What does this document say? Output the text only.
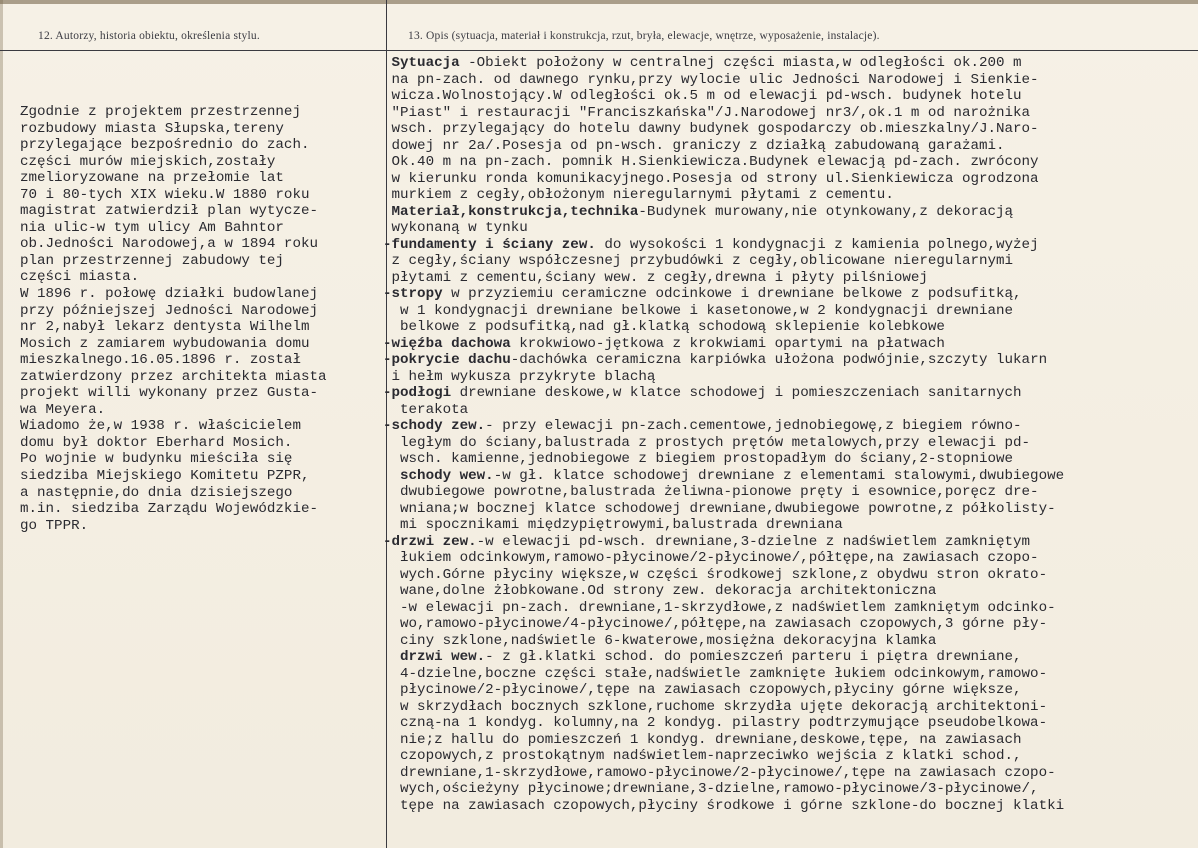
12. Autorzy, historia obiektu, określenia stylu.	13. Opis (sytuacja, materiał i konstrukcja, rzut, bryła, elewacje, wnętrze, wyposażenie, instalacje).
Zgodnie z projektem przestrzennej
rozbudowy miasta Słupska,tereny
przylegające bezpośrednio do zach.
części murów miejskich,zostały
zmelioryzowane na przełomie lat
70 i 80-tych XIX wieku.W 1880 roku
magistrat zatwierdził plan wytycze-
nia ulic-w tym ulicy Am Bahntor
ob.Jedności Narodowej,a w 1894 roku
plan przestrzennej zabudowy tej
części miasta.
W 1896 r. połowę działki budowlanej
przy późniejszej Jedności Narodowej
nr 2,nabył lekarz dentysta Wilhelm
Mosich z zamiarem wybudowania domu
mieszkalnego.16.05.1896 r. został
zatwierdzony przez architekta miasta
projekt willi wykonany przez Gusta-
wa Meyera.
Wiadomo że,w 1938 r. właścicielem
domu był doktor Eberhard Mosich.
Po wojnie w budynku mieściła się
siedziba Miejskiego Komitetu PZPR,
a następnie,do dnia dzisiejszego
m.in. siedziba Zarządu Wojewódzkie-
go TPPR.
Sytuacja -Obiekt położony w centralnej części miasta,w odległości ok.200 m
na pn-zach. od dawnego rynku,przy wylocie ulic Jedności Narodowej i Sienkie-
wicza.Wolnostojący.W odległości ok.5 m od elewacji pd-wsch. budynek hotelu
"Piast" i restauracji "Franciszkańska"/J.Narodowej nr3/,ok.1 m od narożnika
wsch. przylegający do hotelu dawny budynek gospodarczy ob.mieszkalny/J.Naro-
dowej nr 2a/.Posesja od pn-wsch. graniczy z działką zabudowaną garażami.
Ok.40 m na pn-zach. pomnik H.Sienkiewicza.Budynek elewacją pd-zach. zwrócony
w kierunku ronda komunikacyjnego.Posesja od strony ul.Sienkiewicza ogrodzona
murkiem z cegły,obłożonym nieregularnymi płytami z cementu.
Materiał,konstrukcja,technika-Budynek murowany,nie otynkowany,z dekoracją
wykonaną w tynku
-fundamenty i ściany zew. do wysokości 1 kondygnacji z kamienia polnego,wyżej
z cegły,ściany współczesnej przybudówki z cegły,oblicowane nieregularnymi
płytami z cementu,ściany wew. z cegły,drewna i płyty pilśniowej
-stropy w przyziemiu ceramiczne odcinkowe i drewniane belkowe z podsufitką,
w 1 kondygnacji drewniane belkowe i kasetonowe,w 2 kondygnacji drewniane
belkowe z podsufitką,nad gł.klatką schodową sklepienie kolebkowe
-więźba dachowa krokwiowo-jętkowa z krokwiami opartymi na płatwach
-pokrycie dachu-dachówka ceramiczna karpiówka ułożona podwójnie,szczyty lukarn
i hełm wykusza przykryte blachą
-podłogi drewniane deskowe,w klatce schodowej i pomieszczeniach sanitarnych
terakota
-schody zew.- przy elewacji pn-zach.cementowe,jednobiegowę,z biegiem równo-
ległym do ściany,balustrada z prostych prętów metalowych,przy elewacji pd-
wsch. kamienne,jednobiegowe z biegiem prostopadłym do ściany,2-stopniowe
schody wew.-w gł. klatce schodowej drewniane z elementami stalowymi,dwubiegowe
dwubiegowe powrotne,balustrada żeliwna-pionowe pręty i esownice,poręcz dre-
wniana;w bocznej klatce schodowej drewniane,dwubiegowe powrotne,z półkolisty-
mi spocznikami międzypiętrowymi,balustrada drewniana
-drzwi zew.-w elewacji pd-wsch. drewniane,3-dzielne z nadświetlem zamkniętym
łukiem odcinkowym,ramowo-płycinowe/2-płycinowe/,półtępe,na zawiasach czopo-
wych.Górne płyciny większe,w części środkowej szklone,z obydwu stron okrato-
wane,dolne żłobkowane.Od strony zew. dekoracja architektoniczna
-w elewacji pn-zach. drewniane,1-skrzydłowe,z nadświetlem zamkniętym odcinko-
wo,ramowo-płycinowe/4-płycinowe/,półtępe,na zawiasach czopowych,3 górne pły-
ciny szklone,nadświetle 6-kwaterowe,mosiężna dekoracyjna klamka
drzwi wew.- z gł.klatki schod. do pomieszczeń parteru i piętra drewniane,
4-dzielne,boczne części stałe,nadświetle zamknięte łukiem odcinkowym,ramowo-
płycinowe/2-płycinowe/,tępe na zawiasach czopowych,płyciny górne większe,
w skrzydłach bocznych szklone,ruchome skrzydła ujęte dekoracją architektoni-
czną-na 1 kondyg. kolumny,na 2 kondyg. pilastry podtrzymujące pseudobelkowa-
nie;z hallu do pomieszczeń 1 kondyg. drewniane,deskowe,tępe, na zawiasach
czopowych,z prostokątnym nadświetlem-naprzeciwko wejścia z klatki schod.,
drewniane,1-skrzydłowe,ramowo-płycinowe/2-płycinowe/,tępe na zawiasach czopo-
wych,ościeżyny płycinowe;drewniane,3-dzielne,ramowo-płycinowe/3-płycinowe/,
tępe na zawiasach czopowych,płyciny środkowe i górne szklone-do bocznej klatki
